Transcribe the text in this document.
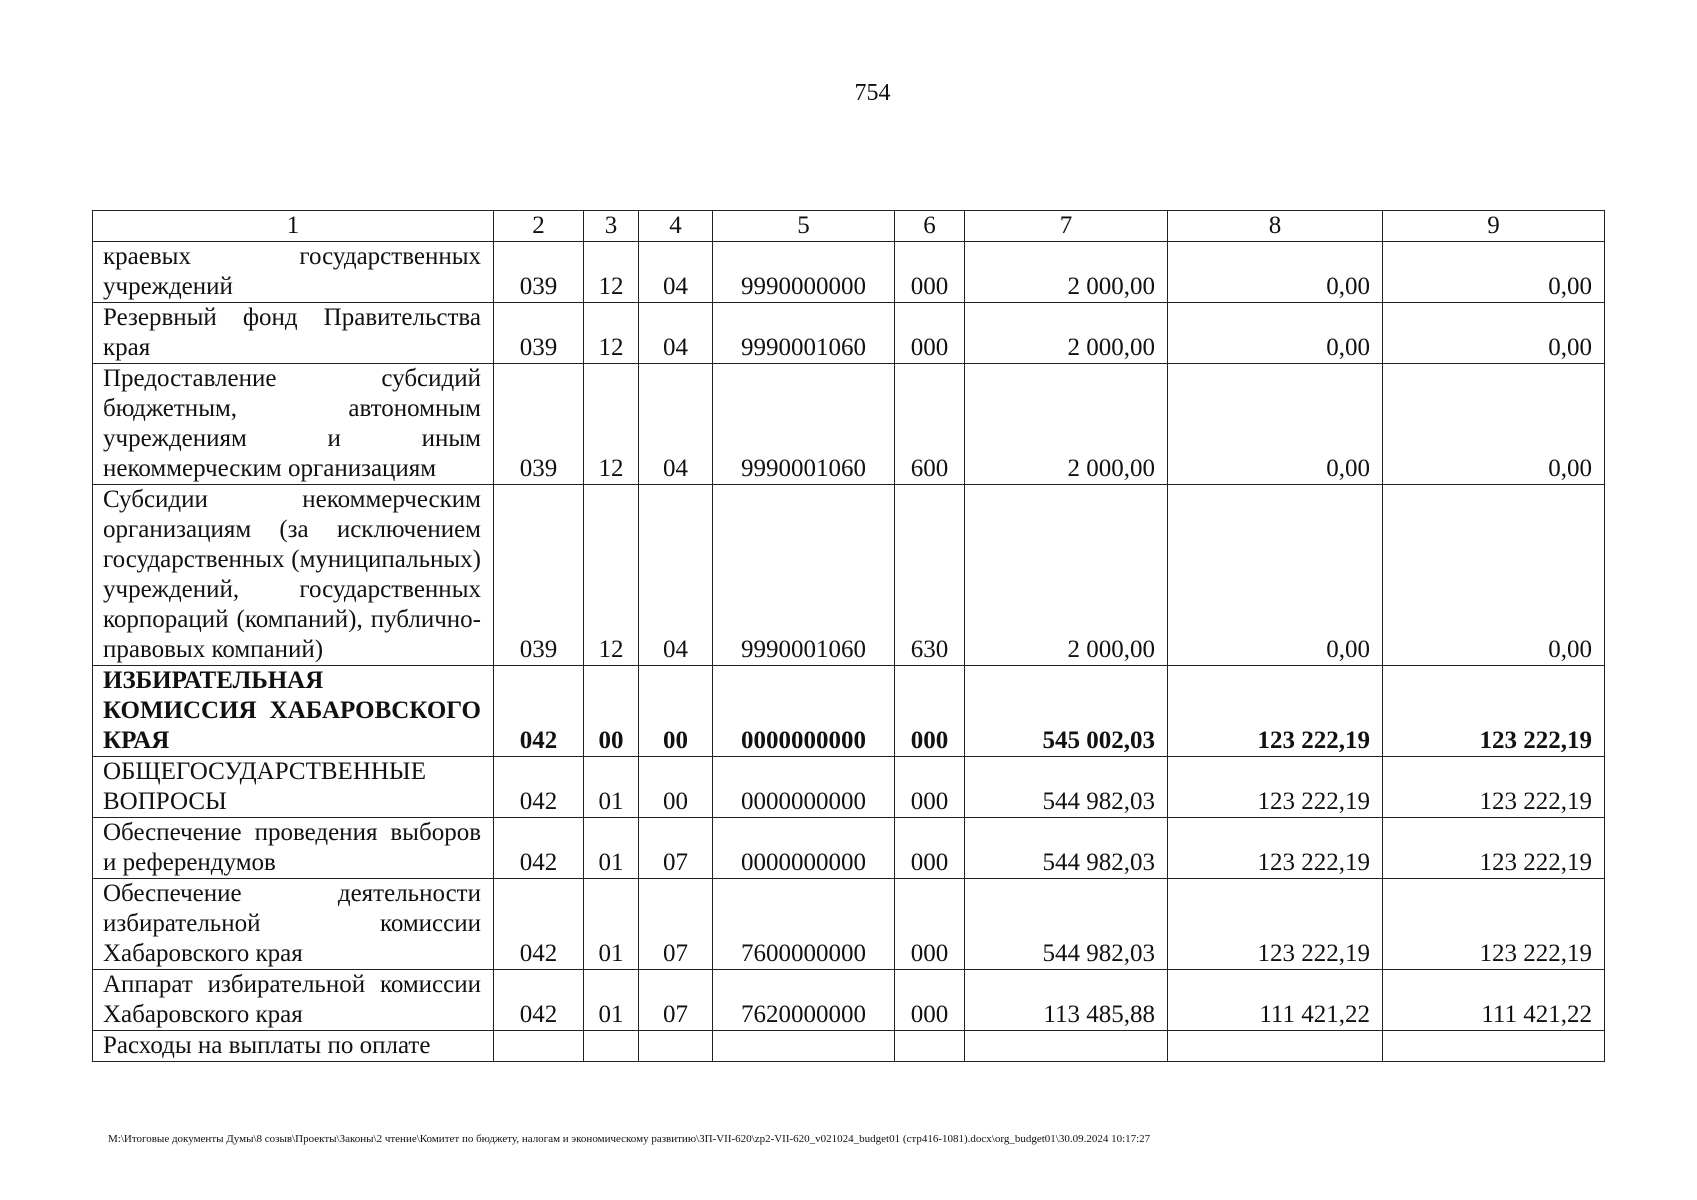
754
1	2	3	4	5	6	7	8	9
краевых государственных учреждений	039	12	04	9990000000	000	2 000,00	0,00	0,00
Резервный фонд Правительства края	039	12	04	9990001060	000	2 000,00	0,00	0,00
Предоставление субсидий бюджетным, автономным учреждениям и иным некоммерческим организациям	039	12	04	9990001060	600	2 000,00	0,00	0,00
Субсидии некоммерческим организациям (за исключением государственных (муниципальных) учреждений, государственных корпораций (компаний), публично-правовых компаний)	039	12	04	9990001060	630	2 000,00	0,00	0,00
ИЗБИРАТЕЛЬНАЯ КОМИССИЯ ХАБАРОВСКОГО КРАЯ	042	00	00	0000000000	000	545 002,03	123 222,19	123 222,19
ОБЩЕГОСУДАРСТВЕННЫЕ ВОПРОСЫ	042	01	00	0000000000	000	544 982,03	123 222,19	123 222,19
Обеспечение проведения выборов и референдумов	042	01	07	0000000000	000	544 982,03	123 222,19	123 222,19
Обеспечение деятельности избирательной комиссии Хабаровского края	042	01	07	7600000000	000	544 982,03	123 222,19	123 222,19
Аппарат избирательной комиссии Хабаровского края	042	01	07	7620000000	000	113 485,88	111 421,22	111 421,22
Расходы на выплаты по оплате								
M:\Итоговые документы Думы\8 созыв\Проекты\Законы\2 чтение\Комитет по бюджету, налогам и экономическому развитию\ЗП-VII-620\zp2-VII-620_v021024_budget01 (стр416-1081).docx\org_budget01\30.09.2024 10:17:27
